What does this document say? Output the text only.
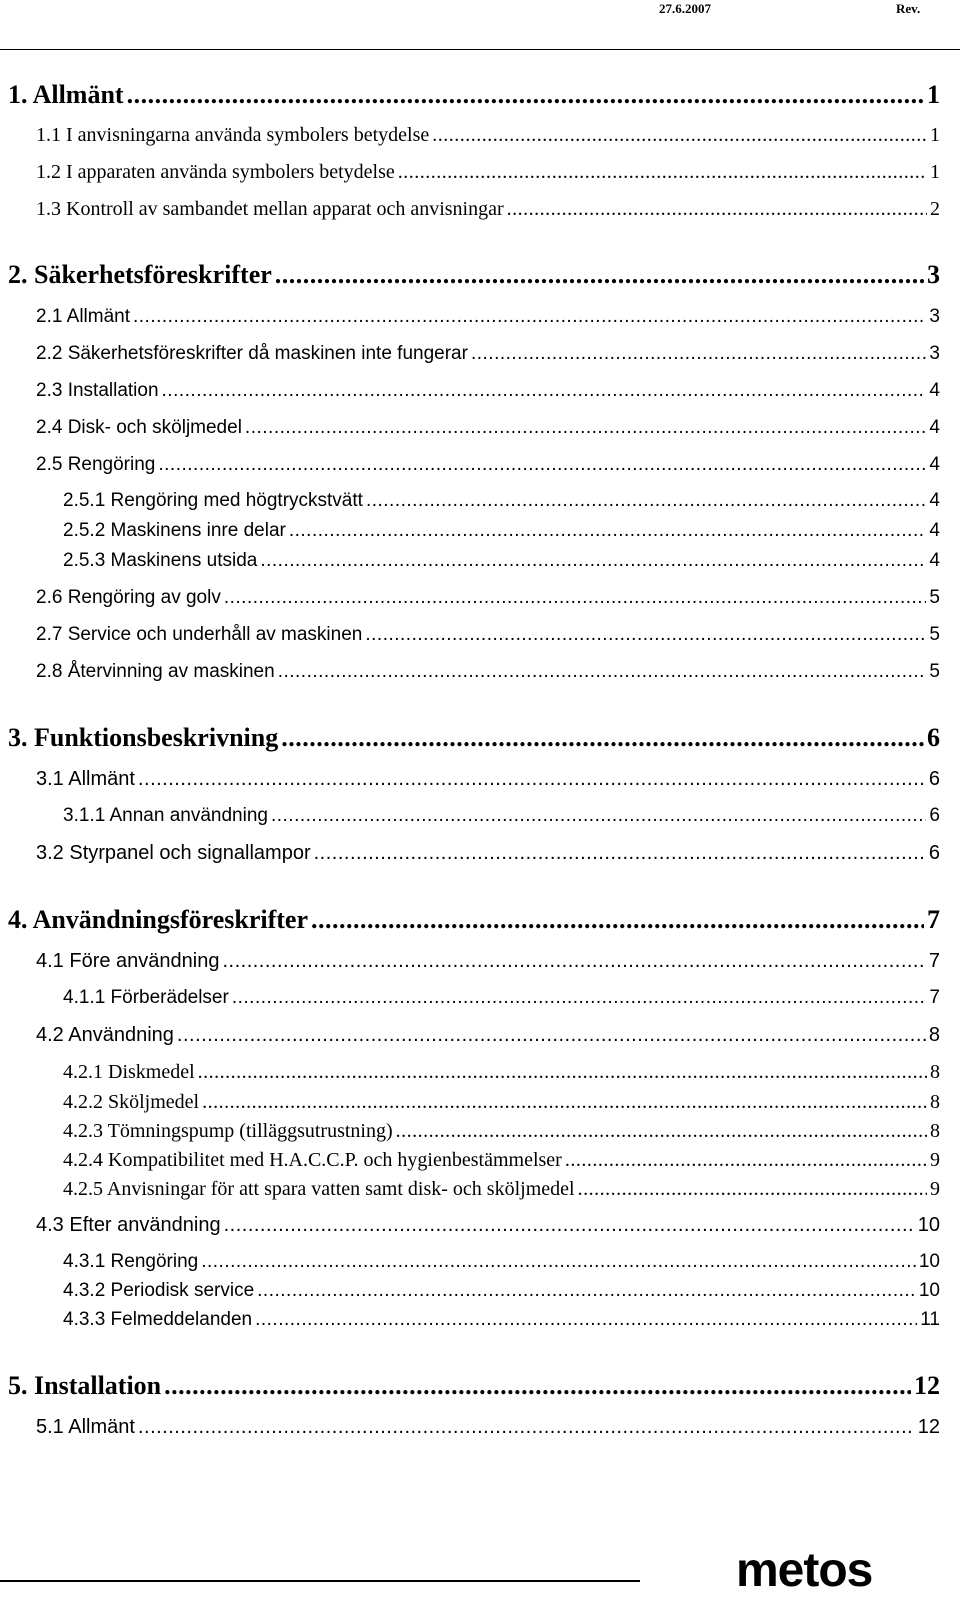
27.6.2007	Rev.
1. Allmänt .....	1
1.1 I anvisningarna använda symbolers betydelse .....	1
1.2 I apparaten använda symbolers betydelse .....	1
1.3 Kontroll av sambandet mellan apparat och anvisningar .....	2
2. Säkerhetsföreskrifter .....	3
2.1 Allmänt .....	3
2.2 Säkerhetsföreskrifter då maskinen inte fungerar .....	3
2.3 Installation .....	4
2.4 Disk- och sköljmedel .....	4
2.5 Rengöring .....	4
2.5.1 Rengöring med högtryckstvätt .....	4
2.5.2 Maskinens inre delar .....	4
2.5.3 Maskinens utsida .....	4
2.6 Rengöring av golv .....	5
2.7 Service och underhåll av maskinen .....	5
2.8 Återvinning av maskinen .....	5
3. Funktionsbeskrivning .....	6
3.1 Allmänt .....	6
3.1.1 Annan användning .....	6
3.2 Styrpanel och signallampor .....	6
4. Användningsföreskrifter .....	7
4.1 Före användning .....	7
4.1.1 Förberädelser .....	7
4.2 Användning .....	8
4.2.1 Diskmedel .....	8
4.2.2 Sköljmedel .....	8
4.2.3 Tömningspump (tilläggsutrustning) .....	8
4.2.4 Kompatibilitet med H.A.C.C.P. och hygienbestämmelser .....	9
4.2.5 Anvisningar för att spara vatten samt disk- och sköljmedel .....	9
4.3 Efter användning .....	10
4.3.1 Rengöring .....	10
4.3.2 Periodisk service .....	10
4.3.3 Felmeddelanden .....	11
5. Installation .....	12
5.1 Allmänt .....	12
metos
